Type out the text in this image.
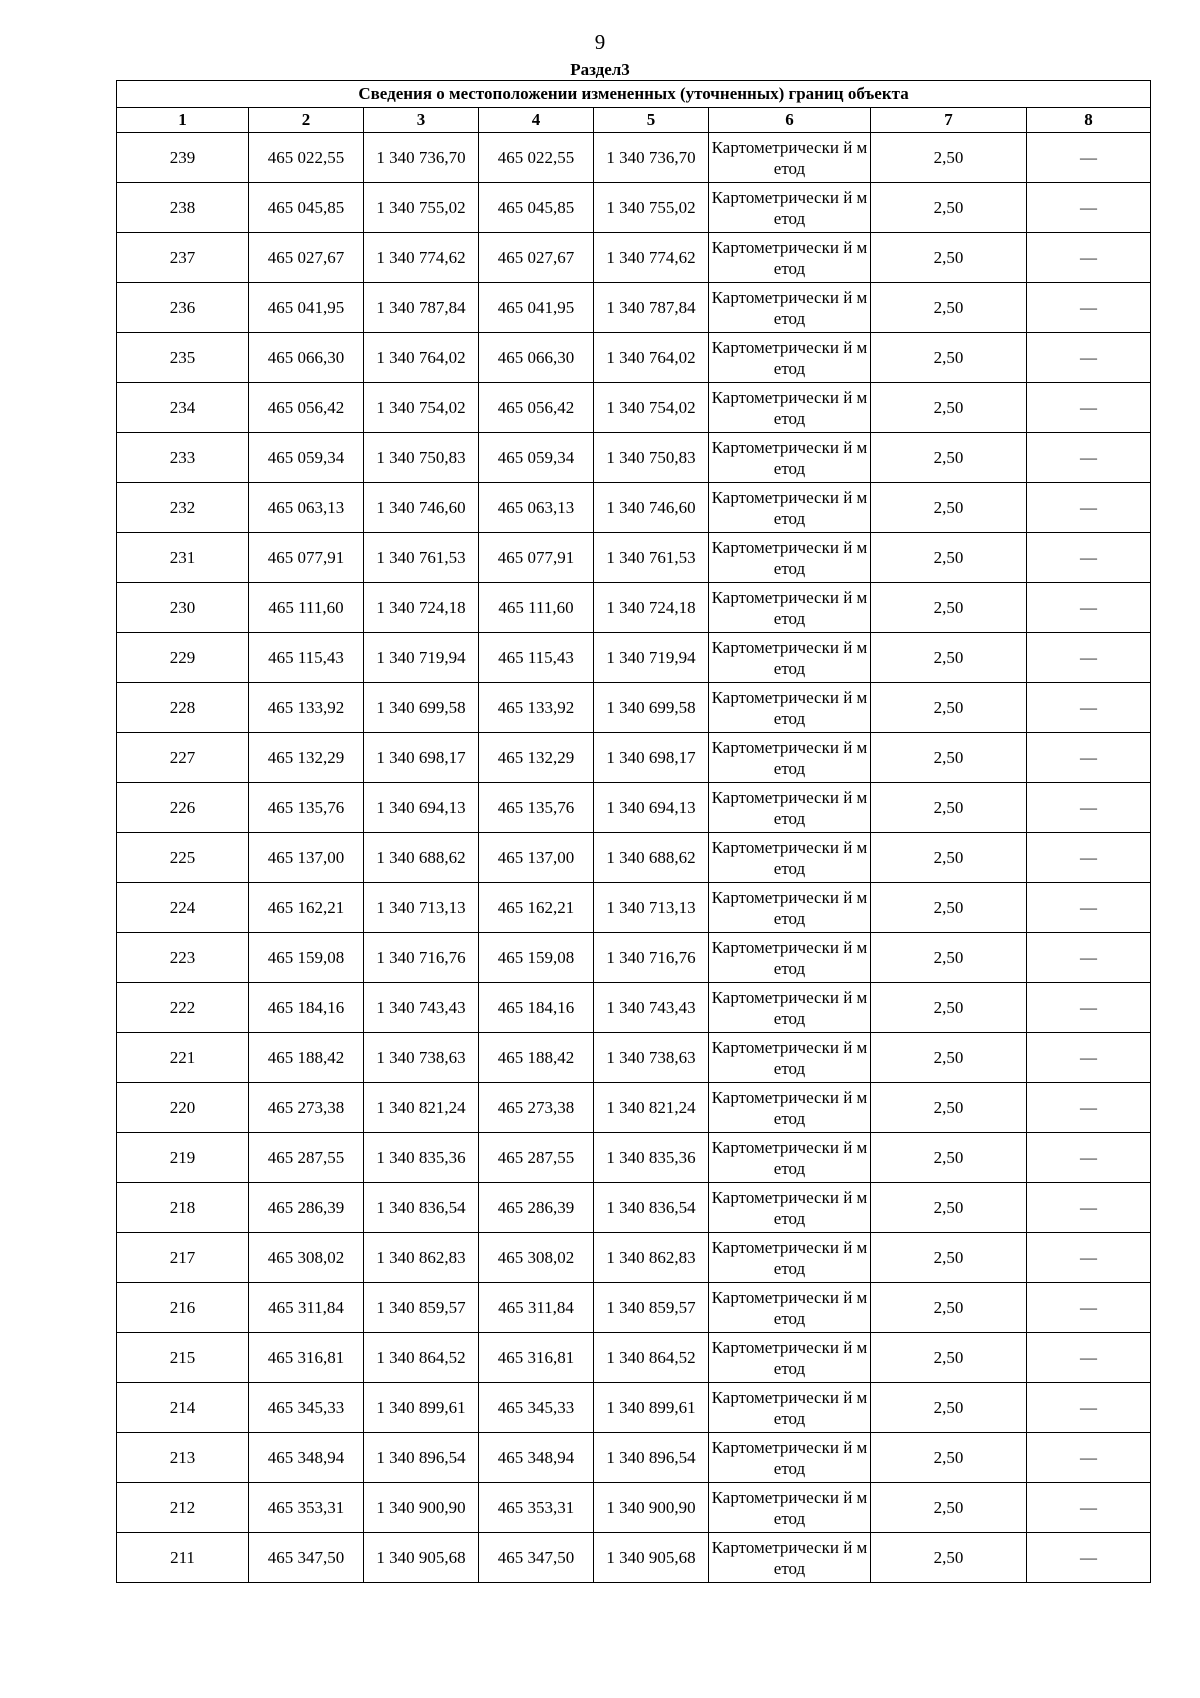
9
Раздел3
Сведения о местоположении измененных (уточненных) границ объекта							
1	2	3	4	5	6	7	8
239	465 022,55	1 340 736,70	465 022,55	1 340 736,70	Картометрически й метод	2,50	—
238	465 045,85	1 340 755,02	465 045,85	1 340 755,02	Картометрически й метод	2,50	—
237	465 027,67	1 340 774,62	465 027,67	1 340 774,62	Картометрически й метод	2,50	—
236	465 041,95	1 340 787,84	465 041,95	1 340 787,84	Картометрически й метод	2,50	—
235	465 066,30	1 340 764,02	465 066,30	1 340 764,02	Картометрически й метод	2,50	—
234	465 056,42	1 340 754,02	465 056,42	1 340 754,02	Картометрически й метод	2,50	—
233	465 059,34	1 340 750,83	465 059,34	1 340 750,83	Картометрически й метод	2,50	—
232	465 063,13	1 340 746,60	465 063,13	1 340 746,60	Картометрически й метод	2,50	—
231	465 077,91	1 340 761,53	465 077,91	1 340 761,53	Картометрически й метод	2,50	—
230	465 111,60	1 340 724,18	465 111,60	1 340 724,18	Картометрически й метод	2,50	—
229	465 115,43	1 340 719,94	465 115,43	1 340 719,94	Картометрически й метод	2,50	—
228	465 133,92	1 340 699,58	465 133,92	1 340 699,58	Картометрически й метод	2,50	—
227	465 132,29	1 340 698,17	465 132,29	1 340 698,17	Картометрически й метод	2,50	—
226	465 135,76	1 340 694,13	465 135,76	1 340 694,13	Картометрически й метод	2,50	—
225	465 137,00	1 340 688,62	465 137,00	1 340 688,62	Картометрически й метод	2,50	—
224	465 162,21	1 340 713,13	465 162,21	1 340 713,13	Картометрически й метод	2,50	—
223	465 159,08	1 340 716,76	465 159,08	1 340 716,76	Картометрически й метод	2,50	—
222	465 184,16	1 340 743,43	465 184,16	1 340 743,43	Картометрически й метод	2,50	—
221	465 188,42	1 340 738,63	465 188,42	1 340 738,63	Картометрически й метод	2,50	—
220	465 273,38	1 340 821,24	465 273,38	1 340 821,24	Картометрически й метод	2,50	—
219	465 287,55	1 340 835,36	465 287,55	1 340 835,36	Картометрически й метод	2,50	—
218	465 286,39	1 340 836,54	465 286,39	1 340 836,54	Картометрически й метод	2,50	—
217	465 308,02	1 340 862,83	465 308,02	1 340 862,83	Картометрически й метод	2,50	—
216	465 311,84	1 340 859,57	465 311,84	1 340 859,57	Картометрически й метод	2,50	—
215	465 316,81	1 340 864,52	465 316,81	1 340 864,52	Картометрически й метод	2,50	—
214	465 345,33	1 340 899,61	465 345,33	1 340 899,61	Картометрически й метод	2,50	—
213	465 348,94	1 340 896,54	465 348,94	1 340 896,54	Картометрически й метод	2,50	—
212	465 353,31	1 340 900,90	465 353,31	1 340 900,90	Картометрически й метод	2,50	—
211	465 347,50	1 340 905,68	465 347,50	1 340 905,68	Картометрически й метод	2,50	—
